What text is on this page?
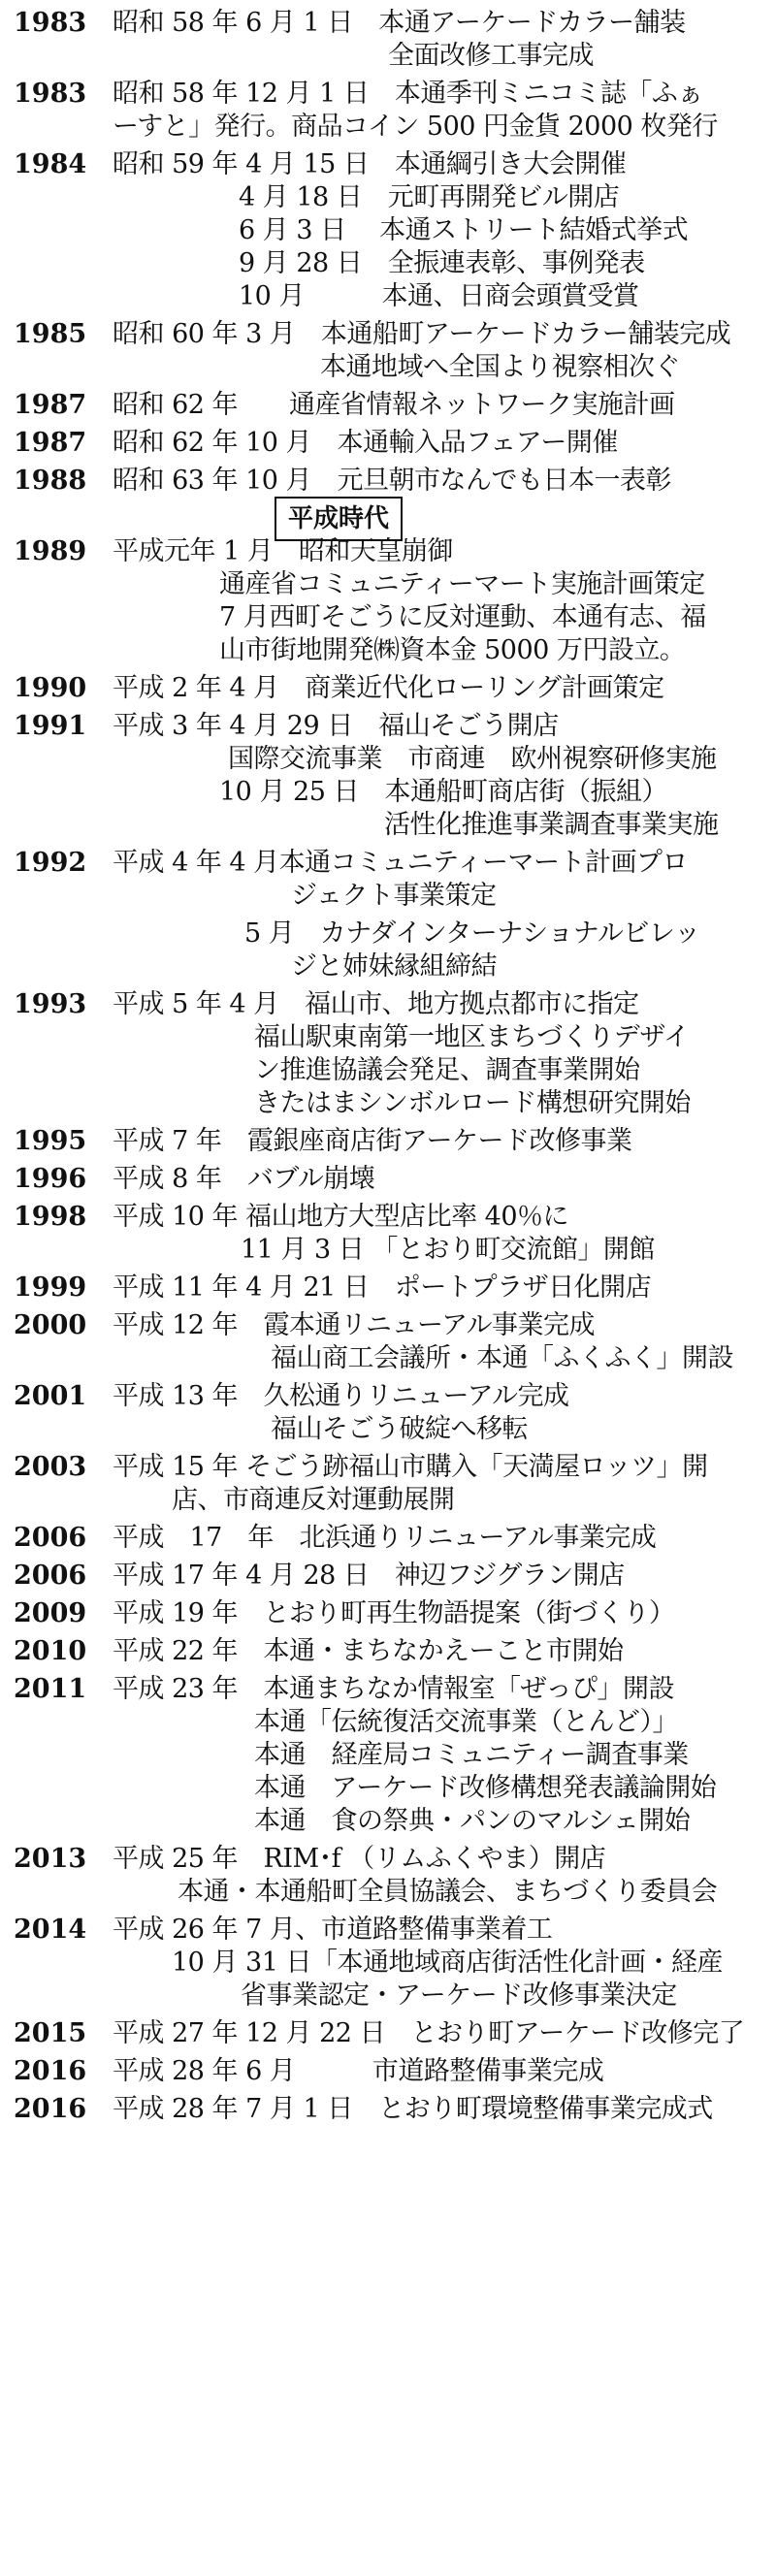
1983 昭和 58 年 6 月 1 日　本通アーケードカラー舗装
全面改修工事完成
1983 昭和 58 年 12 月 1 日　本通季刊ミニコミ誌「ふぁ
ーすと」発行。商品コイン 500 円金貨 2000 枚発行
1984 昭和 59 年 4 月 15 日　本通綱引き大会開催
4 月 18 日　元町再開発ビル開店
6 月 3 日　 本通ストリート結婚式挙式
9 月 28 日　全振連表彰、事例発表
10 月　　　本通、日商会頭賞受賞
1985 昭和 60 年 3 月　本通船町アーケードカラー舗装完成
本通地域へ全国より視察相次ぐ
1987 昭和 62 年　　通産省情報ネットワーク実施計画
1987 昭和 62 年 10 月　本通輸入品フェアー開催
1988 昭和 63 年 10 月　元旦朝市なんでも日本一表彰
1989 平成元年 1 月　昭和天皇崩御
通産省コミュニティーマート実施計画策定
7 月西町そごうに反対運動、本通有志、福
山市街地開発㈱資本金 5000 万円設立。
1990 平成 2 年 4 月　商業近代化ローリング計画策定
1991 平成 3 年 4 月 29 日　福山そごう開店
国際交流事業　市商連　欧州視察研修実施
10 月 25 日　本通船町商店街（振組）
活性化推進事業調査事業実施
1992 平成 4 年 4 月本通コミュニティーマート計画プロ
ジェクト事業策定
5 月　カナダインターナショナルビレッ
ジと姉妹縁組締結
1993 平成 5 年 4 月　福山市、地方拠点都市に指定
福山駅東南第一地区まちづくりデザイ
ン推進協議会発足、調査事業開始
きたはまシンボルロード構想研究開始
1995 平成 7 年　霞銀座商店街アーケード改修事業
1996 平成 8 年　バブル崩壊
1998 平成 10 年 福山地方大型店比率 40％に
11 月 3 日 「とおり町交流館」開館
1999 平成 11 年 4 月 21 日　ポートプラザ日化開店
2000 平成 12 年　霞本通リニューアル事業完成
福山商工会議所・本通「ふくふく」開設
2001 平成 13 年　久松通りリニューアル完成
福山そごう破綻へ移転
2003 平成 15 年 そごう跡福山市購入「天満屋ロッツ」開
店、市商連反対運動展開
2006 平成　17　年　北浜通りリニューアル事業完成
2006 平成 17 年 4 月 28 日　神辺フジグラン開店
2009 平成 19 年　とおり町再生物語提案（街づくり）
2010 平成 22 年　本通・まちなかえーこと市開始
2011 平成 23 年　本通まちなか情報室「ぜっぴ」開設
本通「伝統復活交流事業（とんど）」
本通　経産局コミュニティー調査事業
本通　アーケード改修構想発表議論開始
本通　食の祭典・パンのマルシェ開始
2013 平成 25 年　RIM･f （リムふくやま）開店
本通・本通船町全員協議会、まちづくり委員会
2014 平成 26 年 7 月、市道路整備事業着工
10 月 31 日「本通地域商店街活性化計画・経産
省事業認定・アーケード改修事業決定
2015 平成 27 年 12 月 22 日　とおり町アーケード改修完了
2016 平成 28 年 6 月　　　市道路整備事業完成
2016 平成 28 年 7 月 1 日　とおり町環境整備事業完成式
平成時代
